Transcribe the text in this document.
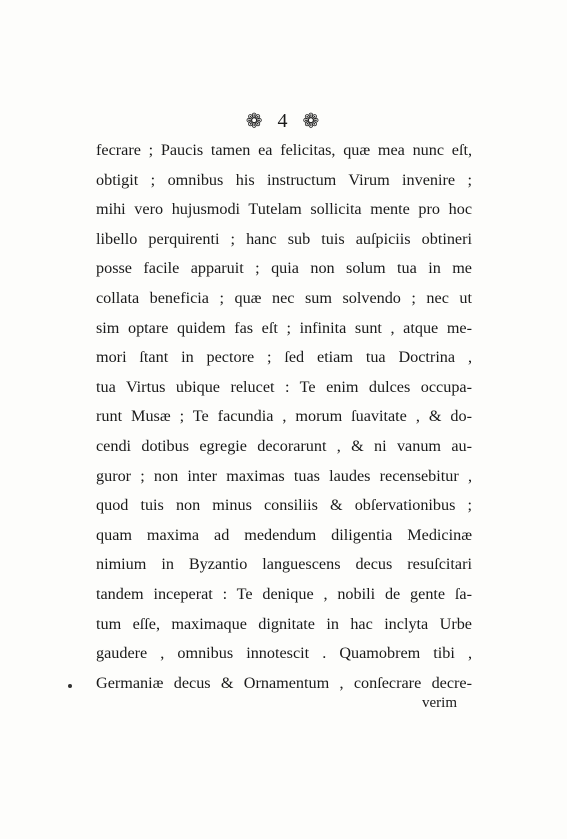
❁ 4 ❁
fecrare ; Paucis tamen ea felicitas, quæ mea nunc eſt,
obtigit ; omnibus his instructum Virum invenire ;
mihi vero hujusmodi Tutelam sollicita mente pro hoc
libello perquirenti ; hanc sub tuis auſpiciis obtineri
posse facile apparuit ; quia non solum tua in me
collata beneficia ; quæ nec sum solvendo ; nec ut
sim optare quidem fas eſt ; infinita sunt , atque me-
mori ſtant in pectore ; ſed etiam tua Doctrina ,
tua Virtus ubique relucet : Te enim dulces occupa-
runt Musæ ; Te facundia , morum ſuavitate , & do-
cendi dotibus egregie decorarunt , & ni vanum au-
guror ; non inter maximas tuas laudes recensebitur ,
quod tuis non minus consiliis & obſervationibus ;
quam maxima ad medendum diligentia Medicinæ
nimium in Byzantio languescens decus resuſcitari
tandem inceperat : Te denique , nobili de gente ſa-
tum eſſe, maximaque dignitate in hac inclyta Urbe
gaudere , omnibus innotescit . Quamobrem tibi ,
Germaniæ decus & Ornamentum , conſecrare decre-
verim
